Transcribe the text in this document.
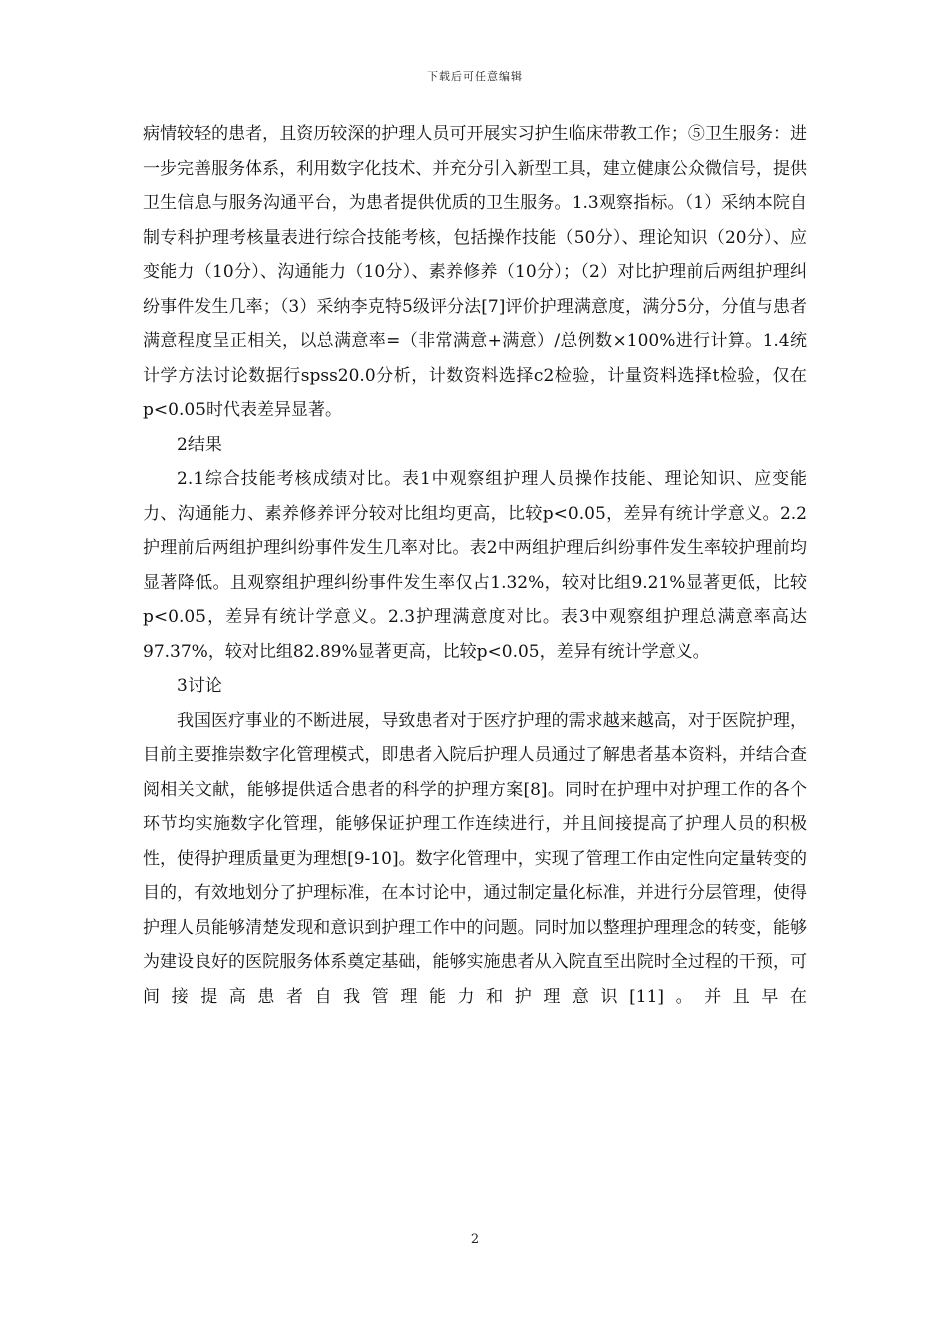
下载后可任意编辑

病情较轻的患者，且资历较深的护理人员可开展实习护生临床带教工作；⑤卫生服务：进一步完善服务体系，利用数字化技术、并充分引入新型工具，建立健康公众微信号，提供卫生信息与服务沟通平台，为患者提供优质的卫生服务。1.3观察指标。（1）采纳本院自制专科护理考核量表进行综合技能考核，包括操作技能（50分）、理论知识（20分）、应变能力（10分）、沟通能力（10分）、素养修养（10分）；（2）对比护理前后两组护理纠纷事件发生几率；（3）采纳李克特5级评分法[7]评价护理满意度，满分5分，分值与患者满意程度呈正相关，以总满意率=（非常满意+满意）/总例数×100%进行计算。1.4统计学方法讨论数据行spss20.0分析，计数资料选择c2检验，计量资料选择t检验，仅在p<0.05时代表差异显著。

2结果

2.1综合技能考核成绩对比。表1中观察组护理人员操作技能、理论知识、应变能力、沟通能力、素养修养评分较对比组均更高，比较p<0.05，差异有统计学意义。2.2护理前后两组护理纠纷事件发生几率对比。表2中两组护理后纠纷事件发生率较护理前均显著降低。且观察组护理纠纷事件发生率仅占1.32%，较对比组9.21%显著更低，比较p<0.05，差异有统计学意义。2.3护理满意度对比。表3中观察组护理总满意率高达97.37%，较对比组82.89%显著更高，比较p<0.05，差异有统计学意义。

3讨论

我国医疗事业的不断进展，导致患者对于医疗护理的需求越来越高，对于医院护理，目前主要推崇数字化管理模式，即患者入院后护理人员通过了解患者基本资料，并结合查阅相关文献，能够提供适合患者的科学的护理方案[8]。同时在护理中对护理工作的各个环节均实施数字化管理，能够保证护理工作连续进行，并且间接提高了护理人员的积极性，使得护理质量更为理想[9-10]。数字化管理中，实现了管理工作由定性向定量转变的目的，有效地划分了护理标准，在本讨论中，通过制定量化标准，并进行分层管理，使得护理人员能够清楚发现和意识到护理工作中的问题。同时加以整理护理理念的转变，能够为建设良好的医院服务体系奠定基础，能够实施患者从入院直至出院时全过程的干预，可间接提高患者自我管理能力和护理意识[11]。并且早在

2
